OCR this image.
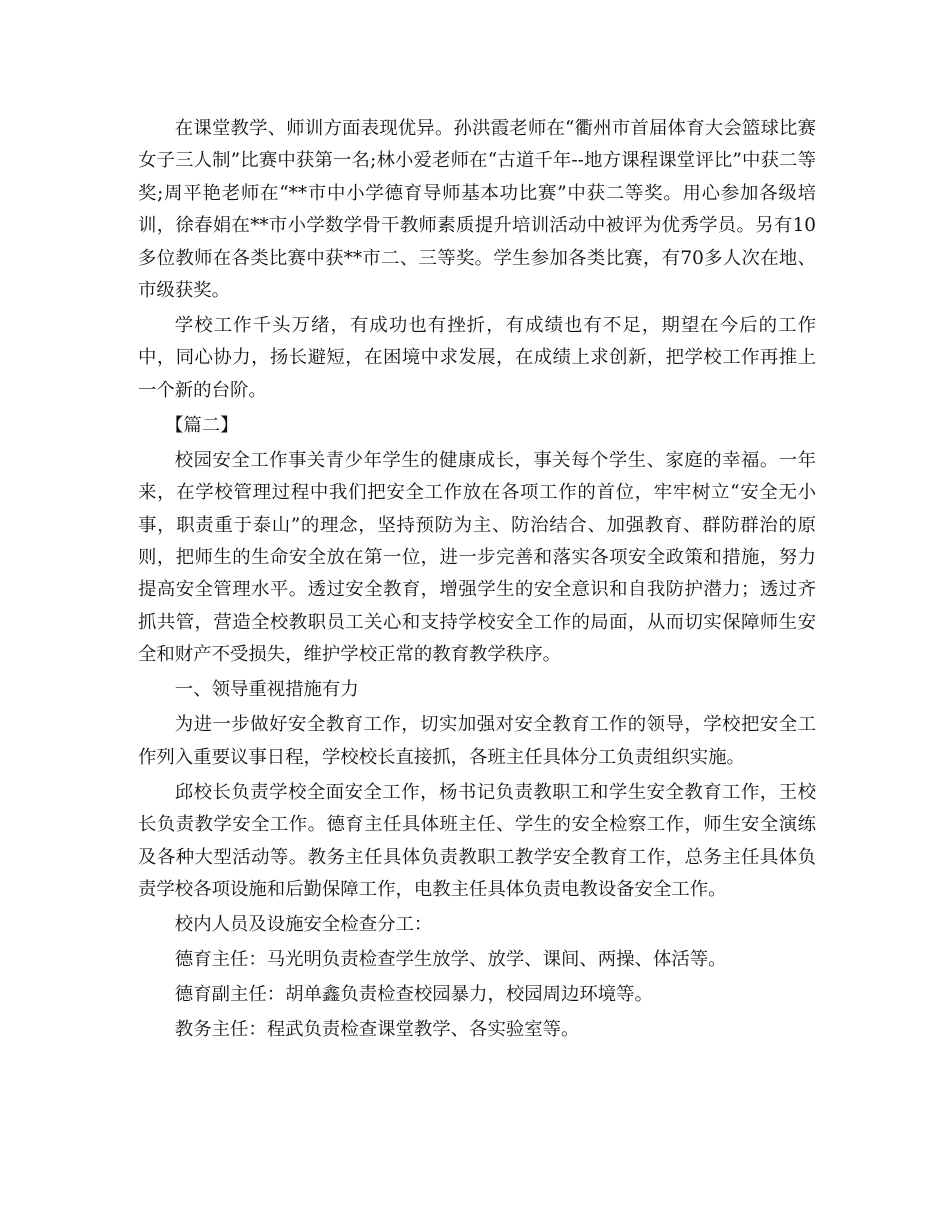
在课堂教学、师训方面表现优异。孙洪霞老师在“衢州市首届体育大会篮球比赛女子三人制”比赛中获第一名;林小爱老师在“古道千年--地方课程课堂评比”中获二等奖;周平艳老师在“**市中小学德育导师基本功比赛”中获二等奖。用心参加各级培训，徐春娟在**市小学数学骨干教师素质提升培训活动中被评为优秀学员。另有10多位教师在各类比赛中获**市二、三等奖。学生参加各类比赛，有70多人次在地、市级获奖。

学校工作千头万绪，有成功也有挫折，有成绩也有不足，期望在今后的工作中，同心协力，扬长避短，在困境中求发展，在成绩上求创新，把学校工作再推上一个新的台阶。

【篇二】

校园安全工作事关青少年学生的健康成长，事关每个学生、家庭的幸福。一年来，在学校管理过程中我们把安全工作放在各项工作的首位，牢牢树立“安全无小事，职责重于泰山”的理念，坚持预防为主、防治结合、加强教育、群防群治的原则，把师生的生命安全放在第一位，进一步完善和落实各项安全政策和措施，努力提高安全管理水平。透过安全教育，增强学生的安全意识和自我防护潜力；透过齐抓共管，营造全校教职员工关心和支持学校安全工作的局面，从而切实保障师生安全和财产不受损失，维护学校正常的教育教学秩序。

一、领导重视措施有力

为进一步做好安全教育工作，切实加强对安全教育工作的领导，学校把安全工作列入重要议事日程，学校校长直接抓，各班主任具体分工负责组织实施。

邱校长负责学校全面安全工作，杨书记负责教职工和学生安全教育工作，王校长负责教学安全工作。德育主任具体班主任、学生的安全检察工作，师生安全演练及各种大型活动等。教务主任具体负责教职工教学安全教育工作，总务主任具体负责学校各项设施和后勤保障工作，电教主任具体负责电教设备安全工作。

校内人员及设施安全检查分工：

德育主任：马光明负责检查学生放学、放学、课间、两操、体活等。

德育副主任：胡单鑫负责检查校园暴力，校园周边环境等。

教务主任：程武负责检查课堂教学、各实验室等。
